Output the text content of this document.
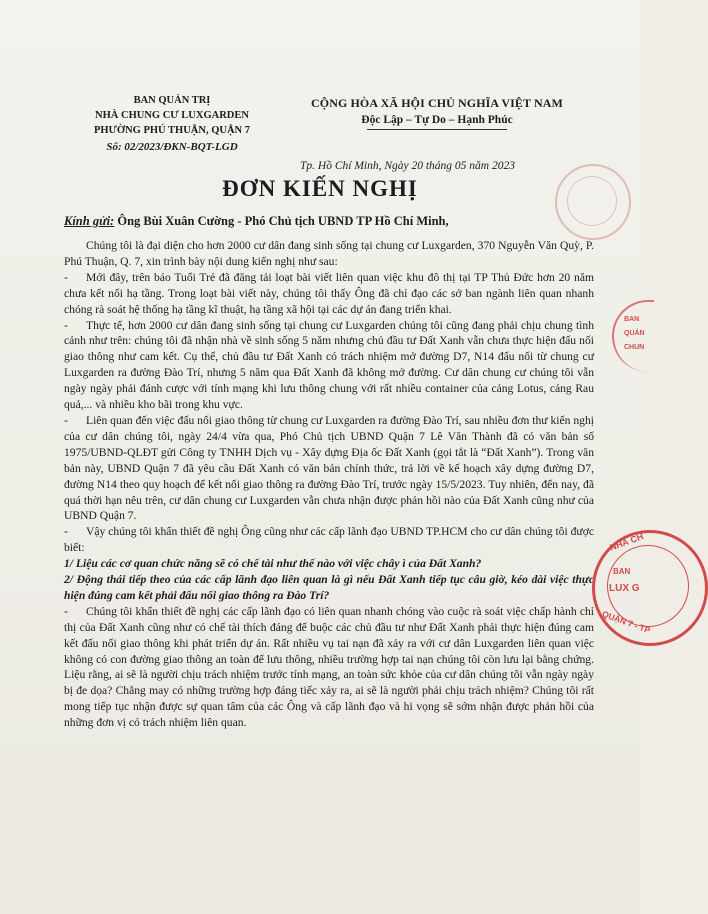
BAN QUẢN TRỊ
NHÀ CHUNG CƯ LUXGARDEN
PHƯỜNG PHÚ THUẬN, QUẬN 7
Số: 02/2023/ĐKN-BQT-LGD
CỘNG HÒA XÃ HỘI CHỦ NGHĨA VIỆT NAM
Độc Lập – Tự Do – Hạnh Phúc
Tp. Hồ Chí Minh, Ngày 20 tháng 05 năm 2023
ĐƠN KIẾN NGHỊ
Kính gửi: Ông Bùi Xuân Cường - Phó Chủ tịch UBND TP Hồ Chí Minh,

Chúng tôi là đại diện cho hơn 2000 cư dân đang sinh sống tại chung cư Luxgarden, 370 Nguyễn Văn Quỳ, P. Phú Thuận, Q. 7, xin trình bày nội dung kiến nghị như sau:

- Mới đây, trên báo Tuổi Trẻ đã đăng tải loạt bài viết liên quan việc khu đô thị tại TP Thủ Đức hơn 20 năm chưa kết nối hạ tầng. Trong loạt bài viết này, chúng tôi thấy Ông đã chỉ đạo các sở ban ngành liên quan nhanh chóng rà soát hệ thống hạ tầng kĩ thuật, hạ tầng xã hội tại các dự án đang triển khai.

- Thực tế, hơn 2000 cư dân đang sinh sống tại chung cư Luxgarden chúng tôi cũng đang phải chịu chung tình cảnh như trên: chúng tôi đã nhận nhà về sinh sống 5 năm nhưng chủ đầu tư Đất Xanh vẫn chưa thực hiện đấu nối giao thông như cam kết. Cụ thể, chủ đầu tư Đất Xanh có trách nhiệm mở đường D7, N14 đấu nối từ chung cư Luxgarden ra đường Đào Trí, nhưng 5 năm qua Đất Xanh đã không mở đường. Cư dân chung cư chúng tôi vẫn ngày ngày phải đánh cược với tính mạng khi lưu thông chung với rất nhiều container của cảng Lotus, cảng Rau quả,... và nhiều kho bãi trong khu vực.

- Liên quan đến việc đấu nối giao thông từ chung cư Luxgarden ra đường Đào Trí, sau nhiều đơn thư kiến nghị của cư dân chúng tôi, ngày 24/4 vừa qua, Phó Chủ tịch UBND Quận 7 Lê Văn Thành đã có văn bản số 1975/UBND-QLĐT gửi Công ty TNHH Dịch vụ - Xây dựng Địa ốc Đất Xanh (gọi tắt là “Đất Xanh”). Trong văn bản này, UBND Quận 7 đã yêu cầu Đất Xanh có văn bản chính thức, trả lời về kế hoạch xây dựng đường D7, đường N14 theo quy hoạch để kết nối giao thông ra đường Đào Trí, trước ngày 15/5/2023. Tuy nhiên, đến nay, đã quá thời hạn nêu trên, cư dân chung cư Luxgarden vẫn chưa nhận được phản hồi nào của Đất Xanh cũng như của UBND Quận 7.

- Vậy chúng tôi khẩn thiết đề nghị Ông cũng như các cấp lãnh đạo UBND TP.HCM cho cư dân chúng tôi được biết:

1/ Liệu các cơ quan chức năng sẽ có chế tài như thế nào với việc chây ì của Đất Xanh?

2/ Động thái tiếp theo của các cấp lãnh đạo liên quan là gì nếu Đất Xanh tiếp tục câu giờ, kéo dài việc thực hiện đúng cam kết phải đấu nối giao thông ra Đào Trí?

- Chúng tôi khẩn thiết đề nghị các cấp lãnh đạo có liên quan nhanh chóng vào cuộc rà soát việc chấp hành chỉ thị của Đất Xanh cũng như có chế tài thích đáng để buộc các chủ đầu tư như Đất Xanh phải thực hiện đúng cam kết đấu nối giao thông khi phát triển dự án. Rất nhiều vụ tai nạn đã xảy ra với cư dân Luxgarden liên quan việc không có con đường giao thông an toàn để lưu thông, nhiều trường hợp tai nạn chúng tôi còn lưu lại bằng chứng. Liệu rằng, ai sẽ là người chịu trách nhiệm trước tính mạng, an toàn sức khỏe của cư dân chúng tôi vẫn ngày ngày bị đe dọa? Chẳng may có những trường hợp đáng tiếc xảy ra, ai sẽ là người phải chịu trách nhiệm? Chúng tôi rất mong tiếp tục nhận được sự quan tâm của các Ông và cấp lãnh đạo và hi vọng sẽ sớm nhận được phản hồi của những đơn vị có trách nhiệm liên quan.

BAN
QUẢN
CHUN
NHÀ CH
BAN
LUX G
QUẬN 7 - TP
